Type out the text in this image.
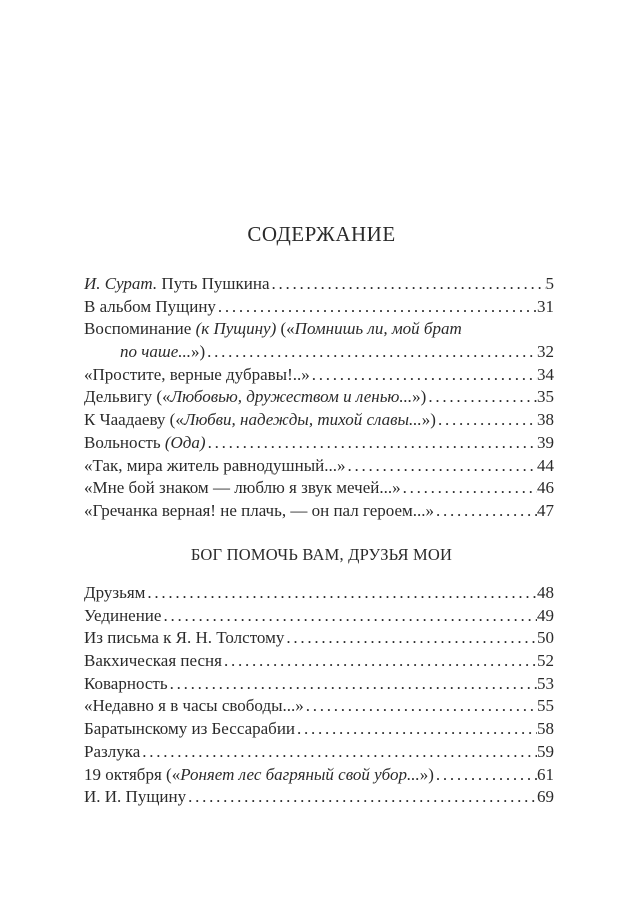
СОДЕРЖАНИЕ
И. Сурат. Путь Пушкина . . .	5
В альбом Пущину . . .	31
Воспоминание (к Пущину) («Помнишь ли, мой брат
по чаше...») . . .	32
«Простите, верные дубравы!..» . . .	34
Дельвигу («Любовью, дружеством и ленью...») . . .	35
К Чаадаеву («Любви, надежды, тихой славы...») . . .	38
Вольность (Ода) . . .	39
«Так, мира житель равнодушный...» . . .	44
«Мне бой знаком — люблю я звук мечей...» . . .	46
«Гречанка верная! не плачь, — он пал героем...» . . .	47
БОГ ПОМОЧЬ ВАМ, ДРУЗЬЯ МОИ
Друзьям . . .	48
Уединение . . .	49
Из письма к Я. Н. Толстому . . .	50
Вакхическая песня . . .	52
Коварность . . .	53
«Недавно я в часы свободы...» . . .	55
Баратынскому из Бессарабии . . .	58
Разлука . . .	59
19 октября («Роняет лес багряный свой убор...») . . .	61
И. И. Пущину . . .	69
